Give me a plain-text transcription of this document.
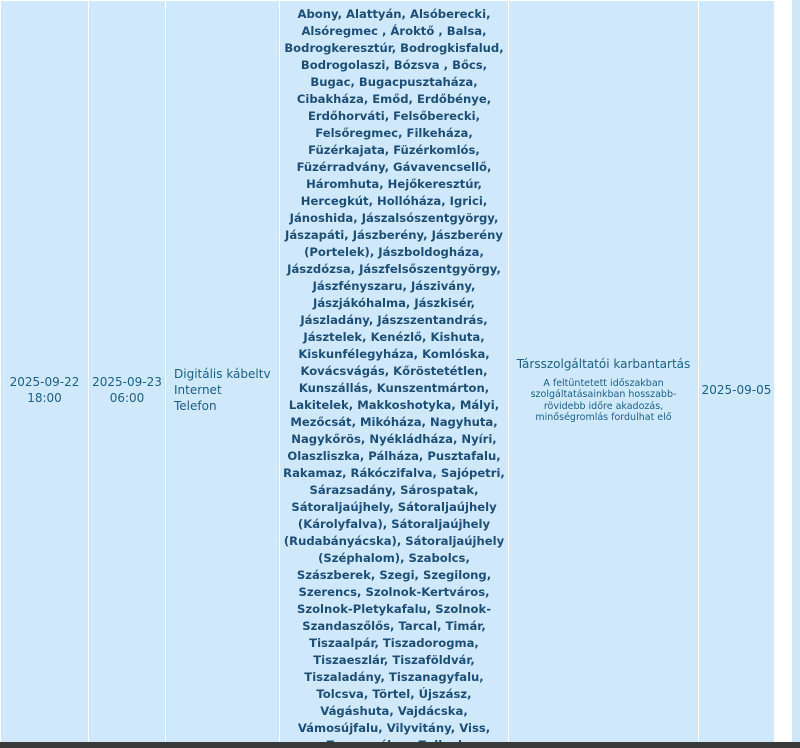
2025-09-22
18:00

2025-09-23
06:00

Digitális kábeltv
Internet
Telefon

Abony, Alattyán, Alsóberecki,
Alsóregmec , Ároktő , Balsa,
Bodrogkeresztúr, Bodrogkisfalud,
Bodrogolaszi, Bózsva , Bőcs,
Bugac, Bugacpusztaháza,
Cibakháza, Emőd, Erdőbénye,
Erdőhorváti, Felsőberecki,
Felsőregmec, Filkeháza,
Füzérkajata, Füzérkomlós,
Füzérradvány, Gávavencsellő,
Háromhuta, Hejőkeresztúr,
Hercegkút, Hollóháza, Igrici,
Jánoshida, Jászalsószentgyörgy,
Jászapáti, Jászberény, Jászberény
(Portelek), Jászboldogháza,
Jászdózsa, Jászfelsőszentgyörgy,
Jászfényszaru, Jászivány,
Jászjákóhalma, Jászkisér,
Jászladány, Jászszentandrás,
Jásztelek, Kenézlő, Kishuta,
Kiskunfélegyháza, Komlóska,
Kovácsvágás, Kőröstetétlen,
Kunszállás, Kunszentmárton,
Lakitelek, Makkoshotyka, Mályi,
Mezőcsát, Mikóháza, Nagyhuta,
Nagykőrös, Nyékládháza, Nyíri,
Olaszliszka, Pálháza, Pusztafalu,
Rakamaz, Rákóczifalva, Sajópetri,
Sárazsadány, Sárospatak,
Sátoraljaújhely, Sátoraljaújhely
(Károlyfalva), Sátoraljaújhely
(Rudabányácska), Sátoraljaújhely
(Széphalom), Szabolcs,
Szászberek, Szegi, Szegilong,
Szerencs, Szolnok-Kertváros,
Szolnok-Pletykafalu, Szolnok-
Szandaszőlős, Tarcal, Timár,
Tiszaalpár, Tiszadorogma,
Tiszaeszlár, Tiszaföldvár,
Tiszaladány, Tiszanagyfalu,
Tolcsva, Törtel, Újszász,
Vágáshuta, Vajdácska,
Vámosújfalu, Vilyvitány, Viss,

Társszolgáltatói karbantartás
A feltüntetett időszakban szolgáltatásainkban hosszabb-rövidebb időre akadozás, minőségromlás fordulhat elő

2025-09-05
